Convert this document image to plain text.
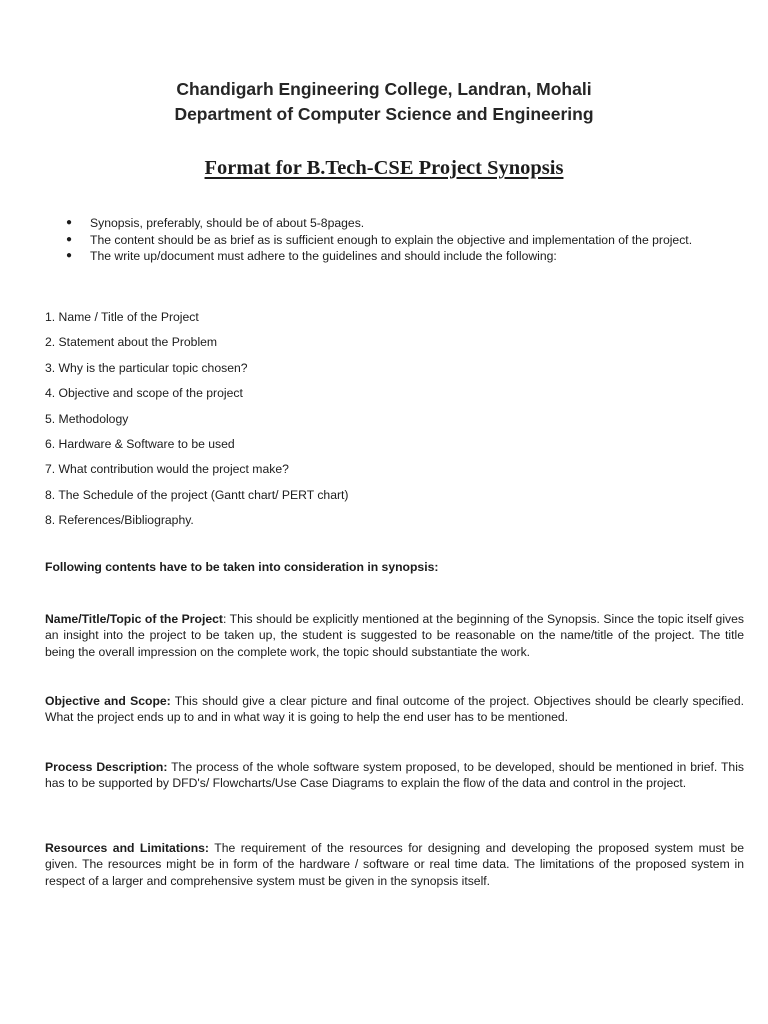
Chandigarh Engineering College, Landran, Mohali
Department of Computer Science and Engineering
Format for B.Tech-CSE Project Synopsis
● Synopsis, preferably, should be of about 5-8pages.
● The content should be as brief as is sufficient enough to explain the objective and implementation of the project.
● The write up/document must adhere to the guidelines and should include the following:
1. Name / Title of the Project
2. Statement about the Problem
3. Why is the particular topic chosen?
4. Objective and scope of the project
5. Methodology
6. Hardware & Software to be used
7. What contribution would the project make?
8. The Schedule of the project (Gantt chart/ PERT chart)
8. References/Bibliography.
Following contents have to be taken into consideration in synopsis:

Name/Title/Topic of the Project: This should be explicitly mentioned at the beginning of the Synopsis. Since the topic itself gives an insight into the project to be taken up, the student is suggested to be reasonable on the name/title of the project. The title being the overall impression on the complete work, the topic should substantiate the work.

Objective and Scope: This should give a clear picture and final outcome of the project. Objectives should be clearly specified. What the project ends up to and in what way it is going to help the end user has to be mentioned.

Process Description: The process of the whole software system proposed, to be developed, should be mentioned in brief. This has to be supported by DFD's/ Flowcharts/Use Case Diagrams to explain the flow of the data and control in the project.

Resources and Limitations: The requirement of the resources for designing and developing the proposed system must be given. The resources might be in form of the hardware / software or real time data. The limitations of the proposed system in respect of a larger and comprehensive system must be given in the synopsis itself.
